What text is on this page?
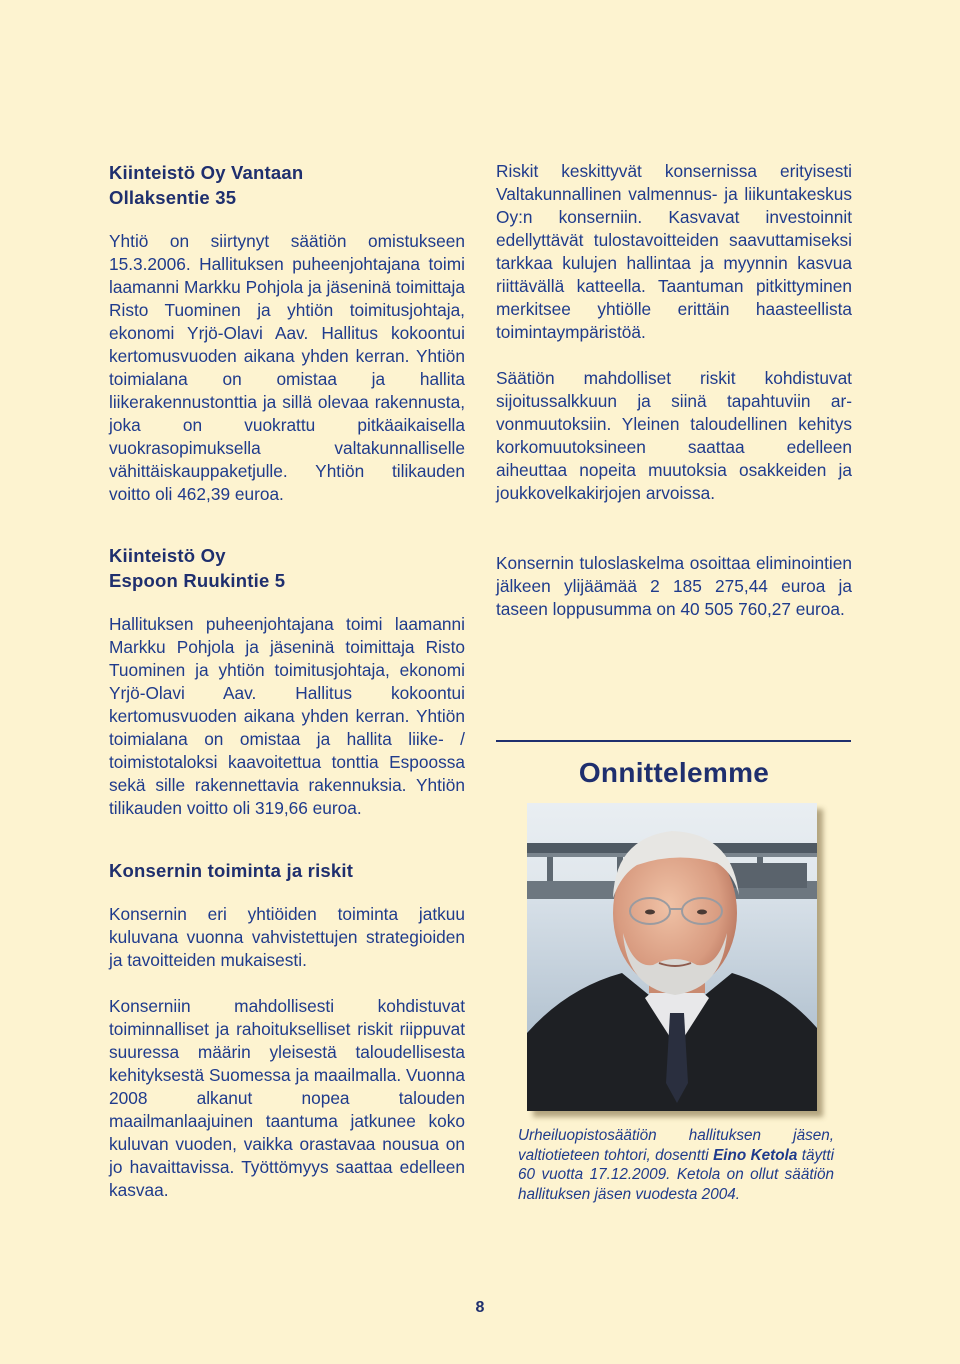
Kiinteistö Oy Vantaan
Ollaksentie 35

Yhtiö on siirtynyt säätiön omistukseen 15.3.2006. Hallituksen puheenjohtajana toimi laamanni Markku Pohjola ja jäseninä toimittaja Risto Tuominen ja yhtiön toimitusjohtaja, ekonomi Yrjö-Olavi Aav. Hallitus kokoontui kertomusvuoden aikana yhden kerran. Yhtiön toimialana on omistaa ja hallita liikerakennustonttia ja sillä olevaa rakennusta, joka on vuokrattu pitkäaikaisella vuokrasopimuksella valtakunnalliselle vähittäiskauppaketjulle. Yhtiön tilikauden voitto oli 462,39 euroa.

Kiinteistö Oy
Espoon Ruukintie 5

Hallituksen puheenjohtajana toimi laamanni Markku Pohjola ja jäseninä toimittaja Risto Tuominen ja yhtiön toimitusjohtaja, ekonomi Yrjö-Olavi Aav. Hallitus kokoontui kertomusvuoden aikana yhden kerran. Yhtiön toimialana on omistaa ja hallita liike- / toimistotaloksi kaavoitettua tonttia Espoossa sekä sille rakennettavia rakennuksia. Yhtiön tilikauden voitto oli 319,66 euroa.

Konsernin toiminta ja riskit

Konsernin eri yhtiöiden toiminta jatkuu kuluvana vuonna vahvistettujen strategioiden ja tavoitteiden mukaisesti.

Konserniin mahdollisesti kohdistuvat toiminnalliset ja rahoitukselliset riskit riippuvat suuressa määrin yleisestä taloudellisesta kehityksestä Suomessa ja maailmalla. Vuonna 2008 alkanut nopea talouden maailmanlaajuinen taantuma jatkunee koko kuluvan vuoden, vaikka orastavaa nousua on jo havaittavissa. Työttömyys saattaa edelleen kasvaa.

Riskit keskittyvät konsernissa erityisesti Valtakunnallinen valmennus- ja liikuntakeskus Oy:n konserniin. Kasvavat investoinnit edellyttävät tulostavoitteiden saavuttamiseksi tarkkaa kulujen hallintaa ja myynnin kasvua riittävällä katteella. Taantuman pitkittyminen merkitsee yhtiölle erittäin haasteellista toimintaympäristöä.

Säätiön mahdolliset riskit kohdistuvat sijoitussalkkuun ja siinä tapahtuviin arvonmuutoksiin. Yleinen taloudellinen kehitys korkomuutoksineen saattaa edelleen aiheuttaa nopeita muutoksia osakkeiden ja joukkovelkakirjojen arvoissa.

Konsernin tuloslaskelma osoittaa eliminointien jälkeen ylijäämää 2 185 275,44 euroa ja taseen loppusumma on 40 505 760,27 euroa.

Onnittelemme
Urheiluopistosäätiön hallituksen jäsen, valtiotieteen tohtori, dosentti Eino Ketola täytti 60 vuotta 17.12.2009. Ketola on ollut säätiön hallituksen jäsen vuodesta 2004.
8
